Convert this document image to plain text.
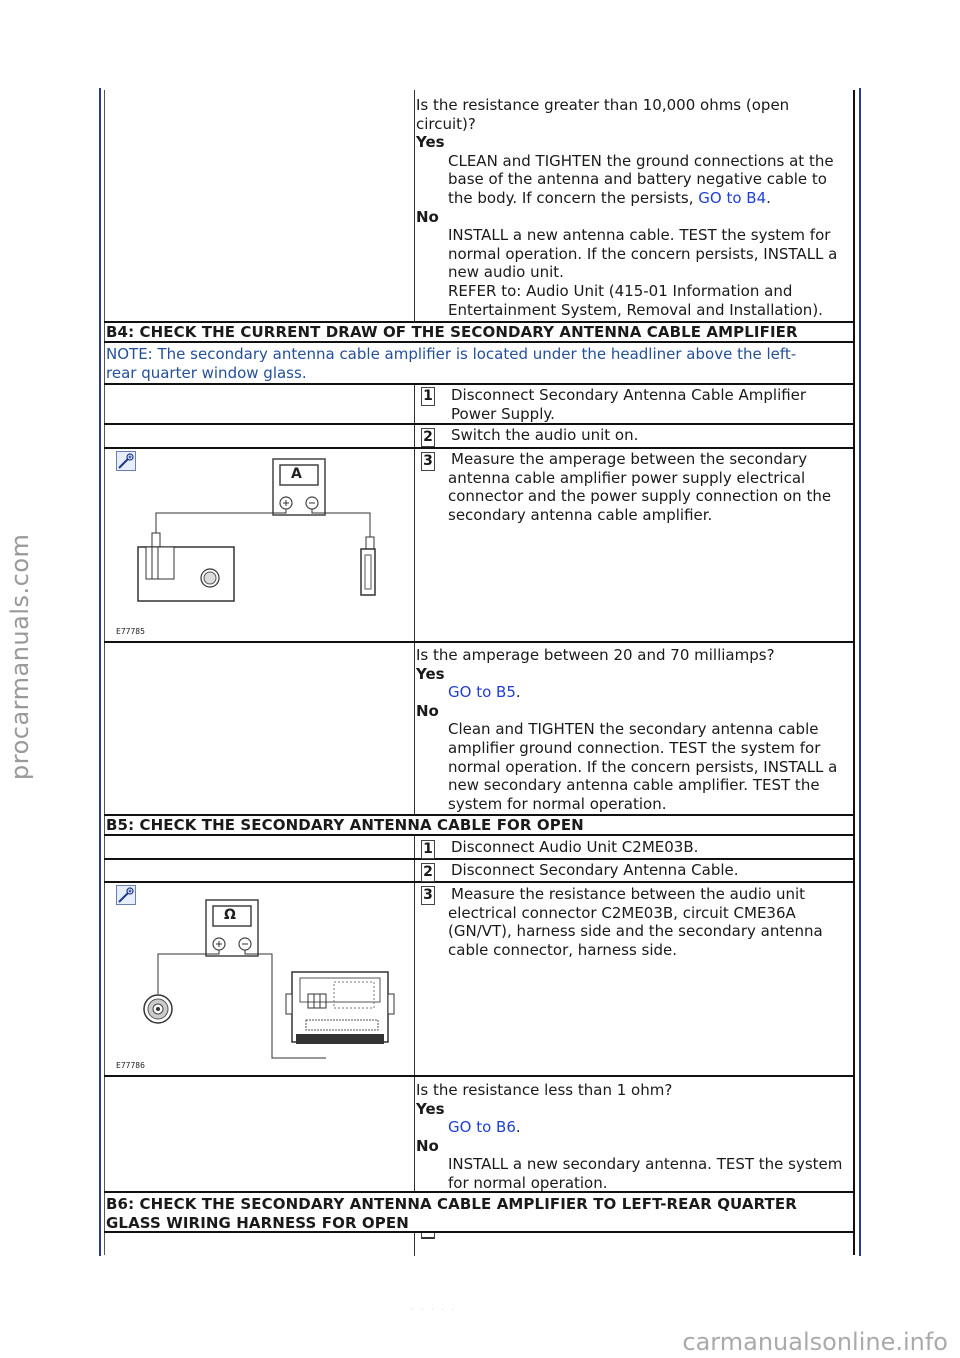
Is the resistance greater than 10,000 ohms (open circuit)?
Yes
CLEAN and TIGHTEN the ground connections at the base of the antenna and battery negative cable to the body. If concern the persists, GO to B4.
No
INSTALL a new antenna cable. TEST the system for normal operation. If the concern persists, INSTALL a new audio unit.
REFER to: Audio Unit (415-01 Information and Entertainment System, Removal and Installation).
B4: CHECK THE CURRENT DRAW OF THE SECONDARY ANTENNA CABLE AMPLIFIER
NOTE: The secondary antenna cable amplifier is located under the headliner above the left-rear quarter window glass.
1 Disconnect Secondary Antenna Cable Amplifier Power Supply.
2 Switch the audio unit on.
3 Measure the amperage between the secondary antenna cable amplifier power supply electrical connector and the power supply connection on the secondary antenna cable amplifier.
E77785
A
Is the amperage between 20 and 70 milliamps?
Yes
GO to B5.
No
Clean and TIGHTEN the secondary antenna cable amplifier ground connection. TEST the system for normal operation. If the concern persists, INSTALL a new secondary antenna cable amplifier. TEST the system for normal operation.
B5: CHECK THE SECONDARY ANTENNA CABLE FOR OPEN
1 Disconnect Audio Unit C2ME03B.
2 Disconnect Secondary Antenna Cable.
3 Measure the resistance between the audio unit electrical connector C2ME03B, circuit CME36A (GN/VT), harness side and the secondary antenna cable connector, harness side.
E77786
Ω
Is the resistance less than 1 ohm?
Yes
GO to B6.
No
INSTALL a new secondary antenna. TEST the system for normal operation.
B6: CHECK THE SECONDARY ANTENNA CABLE AMPLIFIER TO LEFT-REAR QUARTER GLASS WIRING HARNESS FOR OPEN
· · · · ·
procarmanuals.com
carmanualsonline.info
